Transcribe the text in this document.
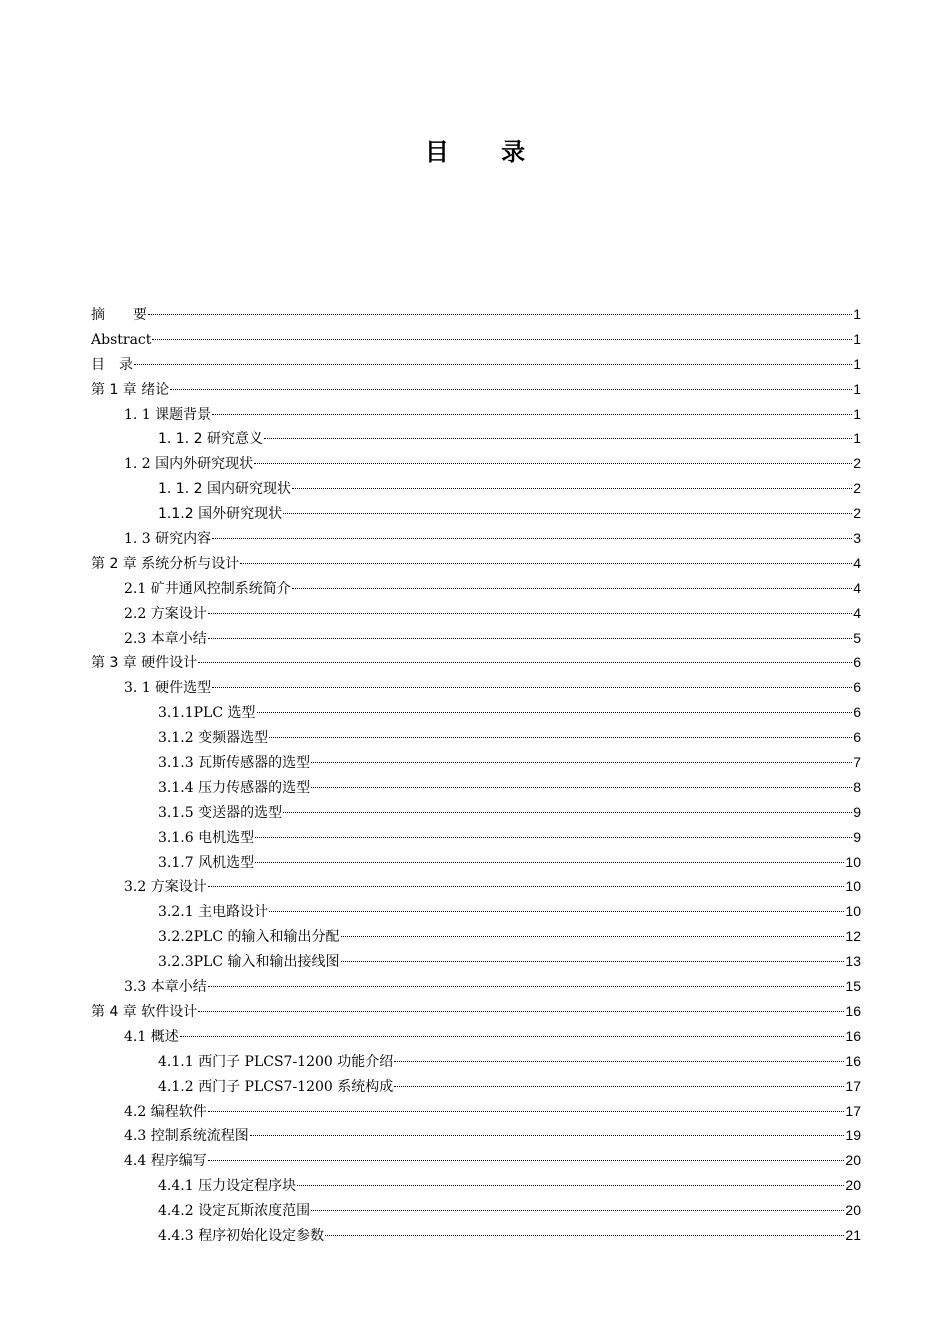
目 录
摘　　要	1
Abstract	1
目　录	1
第 1 章 绪论	1
1. 1 课题背景	1
1. 1. 2 研究意义	1
1. 2 国内外研究现状	2
1. 1. 2 国内研究现状	2
1.1.2 国外研究现状	2
1. 3 研究内容	3
第 2 章 系统分析与设计	4
2.1 矿井通风控制系统简介	4
2.2 方案设计	4
2.3 本章小结	5
第 3 章 硬件设计	6
3. 1 硬件选型	6
3.1.1PLC 选型	6
3.1.2 变频器选型	6
3.1.3 瓦斯传感器的选型	7
3.1.4 压力传感器的选型	8
3.1.5 变送器的选型	9
3.1.6 电机选型	9
3.1.7 风机选型	10
3.2 方案设计	10
3.2.1 主电路设计	10
3.2.2PLC 的输入和输出分配	12
3.2.3PLC 输入和输出接线图	13
3.3 本章小结	15
第 4 章 软件设计	16
4.1 概述	16
4.1.1 西门子 PLCS7-1200 功能介绍	16
4.1.2 西门子 PLCS7-1200 系统构成	17
4.2 编程软件	17
4.3 控制系统流程图	19
4.4 程序编写	20
4.4.1 压力设定程序块	20
4.4.2 设定瓦斯浓度范围	20
4.4.3 程序初始化设定参数	21
